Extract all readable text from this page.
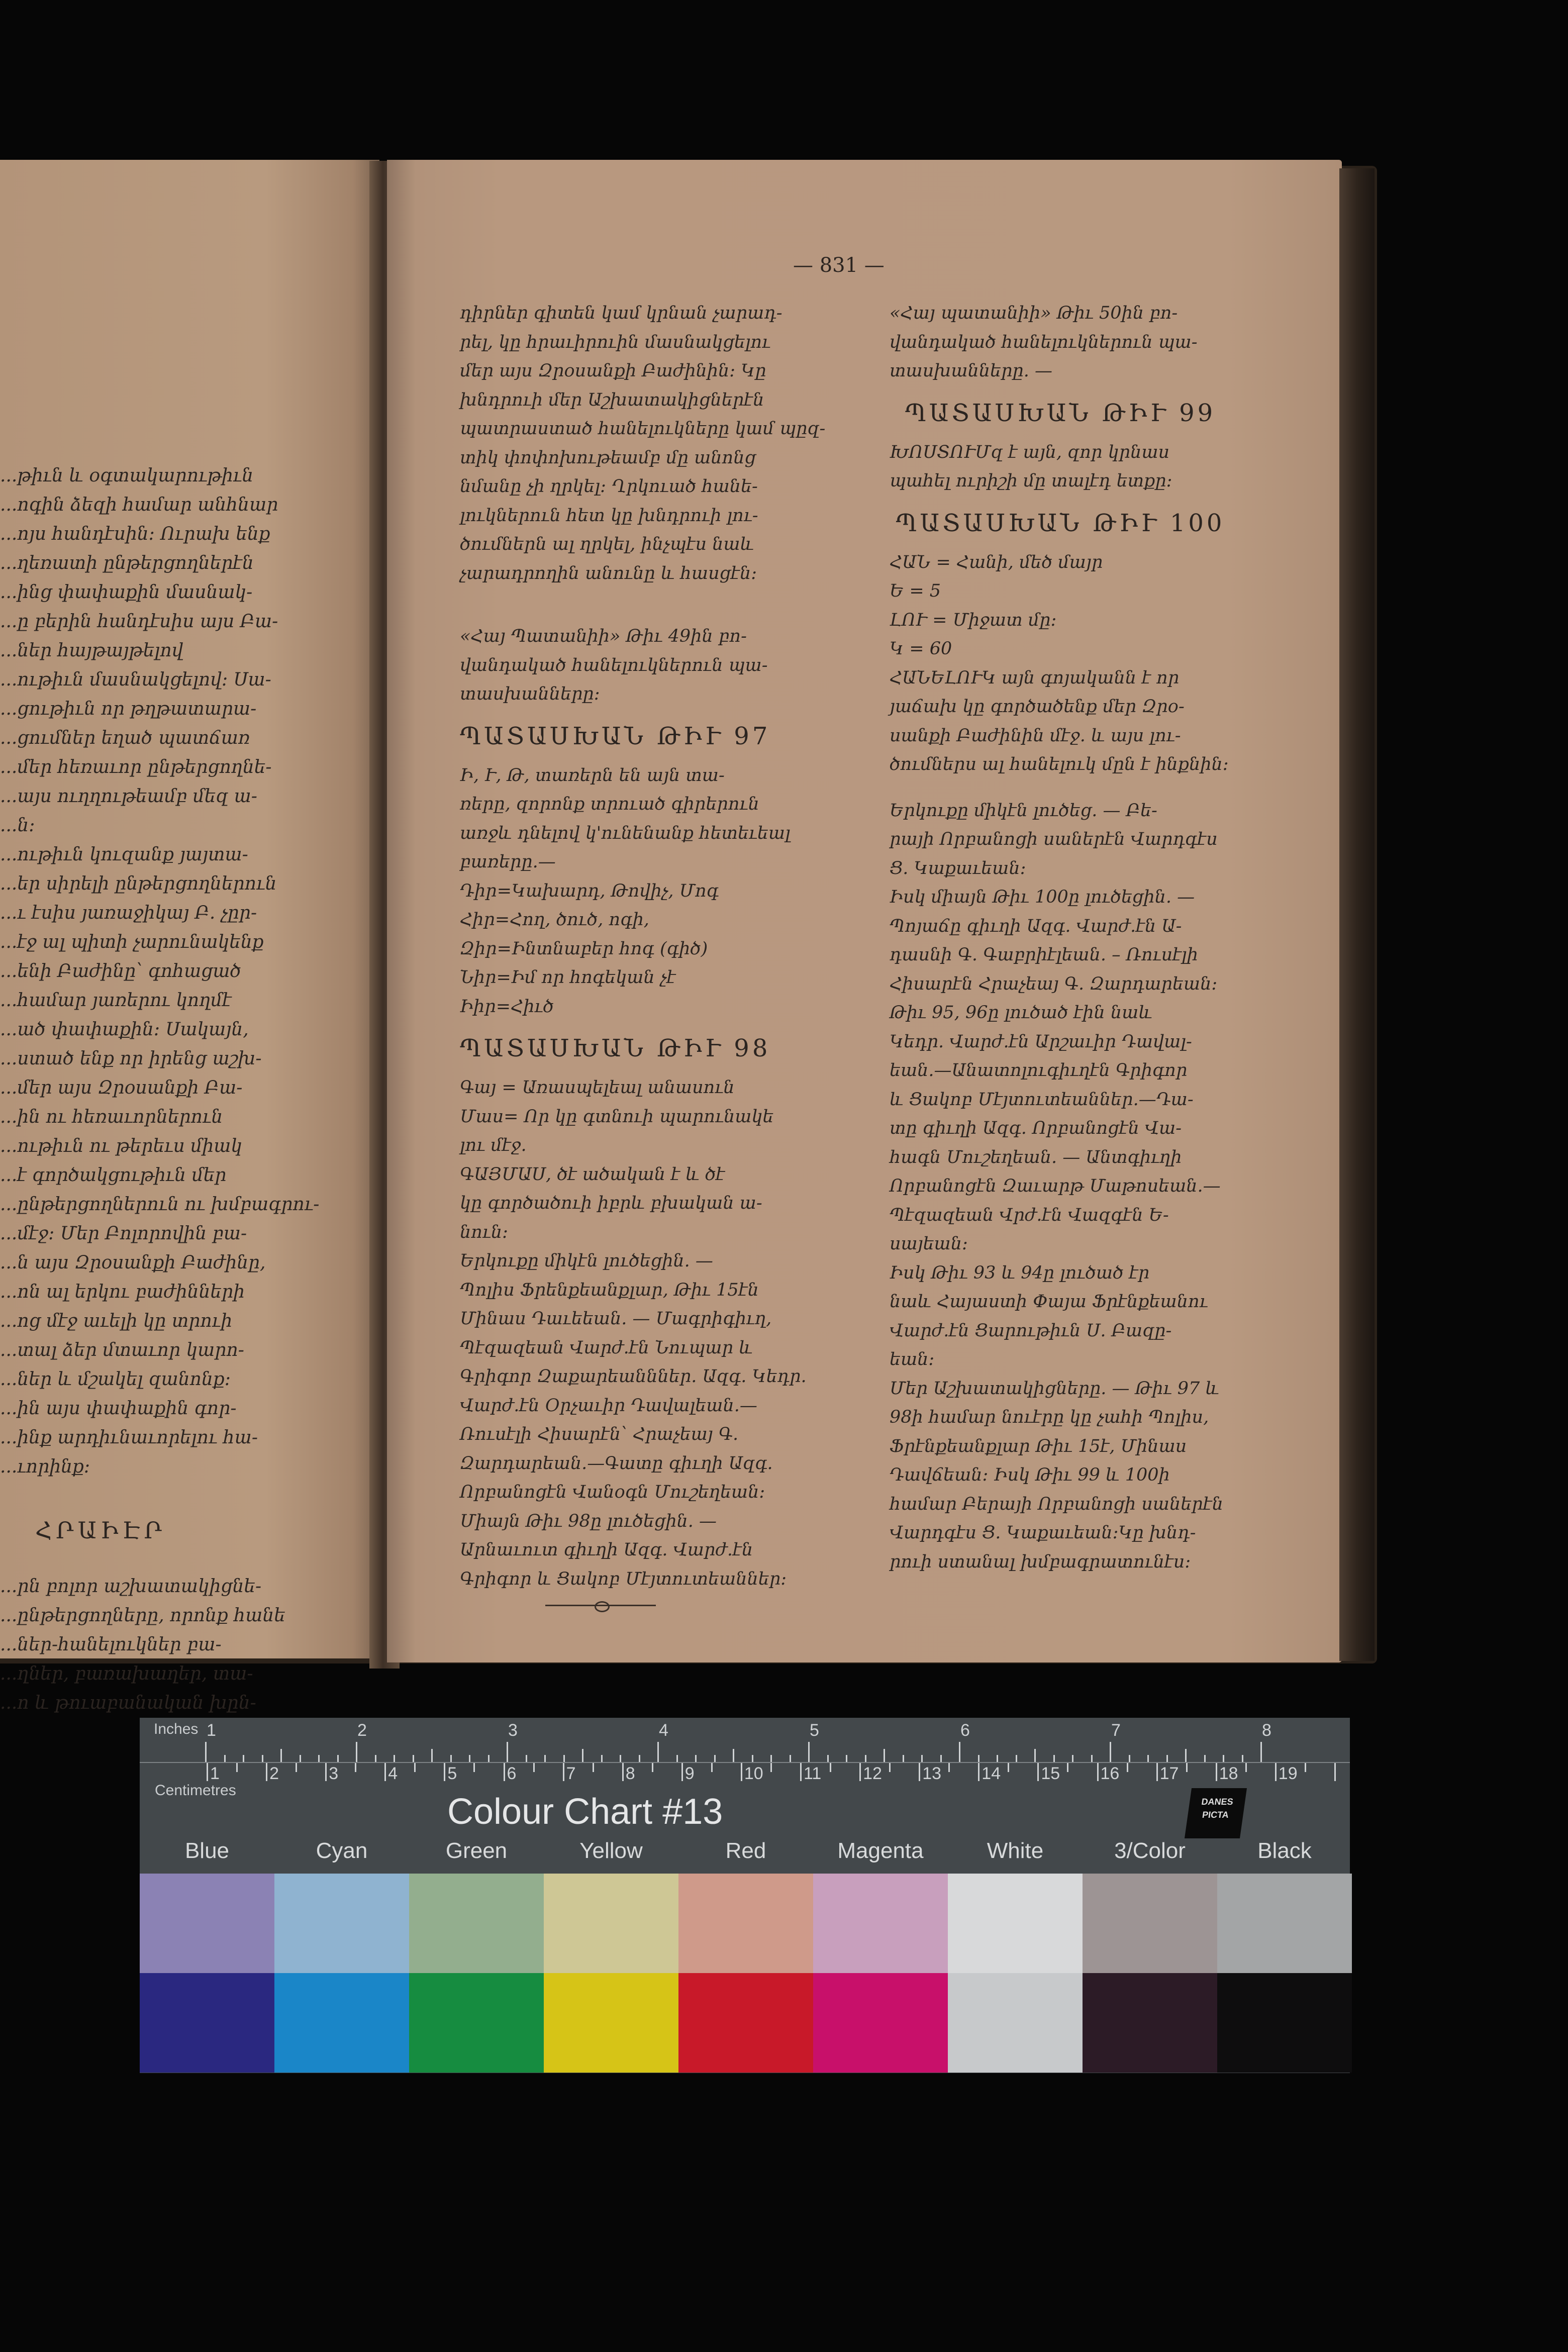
...թիւն և օգտակարութիւն
...ոգին ձեզի համար անհնար
...ոյս հանդէսին։ Ուրախ ենք
...ղեռատի ընթերցողներէն
...ինց փափաքին մասնակ-
...ը բերին հանդէսիս այս Բա-
...ներ հայթայթելով
...ութիւն մասնակցելով։ Սա-
...ցութիւն որ թղթատարա-
...ցումներ եղած պատճառ
...մեր հեռաւոր ընթերցողնե-
...այս ուղղութեամբ մեզ ա-
...ն։
...ութիւն կուզանք յայտա-
...եր սիրելի ընթերցողներուն
...ւ էսիս յառաջիկայ Բ. չըր-
...էջ ալ պիտի չարունակենք
...ենի Բաժինը՝ գոհացած
...համար յառերու կողմէ
...ած փափաքին։ Սակայն,
...ստած ենք որ իրենց աշխ-
...մեր այս Զրօսանքի Բա-
...ին ու հեռաւորներուն
...ութիւն ու թերեւս միակ
...է գործակցութիւն մեր
...ընթերցողներուն ու խմբագրու-
...մէջ։ Մեր Բոլորովին բա-
...ն այս Զրօսանքի Բաժինը,
...ոն ալ երկու բաժինների
...ոց մէջ աւելի կը տրուի
...տալ ձեր մտաւոր կարո-
...ներ և մշակել զանոնք։
...ին այս փափաքին գոր-
...ինք արդիւնաւորելու հա-
...ւորինք։
ՀՐԱԻԷՐ
...րն բոլոր աշխատակիցնե-
...ընթերցողները, որոնք հանե
...ներ-հանելուկներ բա-
...ղներ, բառախաղեր, տա-
...ո և թուաբանական խըն-
— 831 —
դիրներ գիտեն կամ կրնան չարադ-
րել, կը հրաւիրուին մասնակցելու
մեր այս Զրօսանքի Բաժինին։ Կը
խնդրուի մեր Աշխատակիցներէն
պատրաստած հանելուկները կամ պըզ-
տիկ փոփոխութեամբ մը անոնց
նմանը չի ղրկել։ Ղրկուած հանե-
լուկներուն հետ կը խնդրուի լու-
ծումներն ալ ղրկել, ինչպէս նաև
չարադրողին անունը և հասցէն։
«Հայ Պատանիի» Թիւ 49ին բո-
վանդակած հանելուկներուն պա-
տասխանները։
ՊԱՏԱՍԽԱՆ ԹԻՒ 97
Ի, Ւ, Թ, տառերն են այն տա-
ռերը, զորոնք տրուած գիրերուն
առջև դնելով կ'ունենանք հետեւեալ
բառերը.—
Դիր=Կախարդ, Թովիչ, Մոգ
Հիր=Հող, ծուծ, ոգի,
Զիր=Ինտնաբեր հոգ (գիծ)
Նիր=Իմ որ հոգեկան չէ
Իիր=Հիւծ
ՊԱՏԱՍԽԱՆ ԹԻՒ 98
Գայ = Առասպելեալ անասուն
Մաս= Որ կը գտնուի պարունակե
լու մէջ.
ԳԱՅՄԱՍ, ծէ ածական է և ծէ
կը գործածուի իբրև բխական ա-
նուն։
Երկուքը միկէն լուծեցին. —
Պոլիս Ֆրենքեանքլար, Թիւ 15էն
Մինաս Դաւեեան. — Մագրիգիւղ,
Պէզազեան Վարժ.էն Նուպար և
Գրիգոր Զաքարեանններ. Ազգ. Կեդր.
Վարժ.էն Օրչաւիր Դավալեան.—
Ռուսէլի Հիսարէն՝ Հրաչեայ Գ.
Զարդարեան.—Գատը գիւղի Ազգ.
Որբանոցէն Վանօգն Մուշեղեան։
Միայն Թիւ 98ը լուծեցին. —
Արնաւուտ գիւղի Ազգ. Վարժ.էն
Գրիգոր և Ցակոբ Մէյտուտեաններ։
«Հայ պատանիի» Թիւ 50ին բո-
վանդակած հանելուկներուն պա-
տասխանները. —
ՊԱՏԱՍԽԱՆ ԹԻՒ 99
ԽՈՍՏՈՒՄզ է այն, զոր կրնաս
պահել ուրիշի մը տալէդ ետքը։
ՊԱՏԱՍԽԱՆ ԹԻՒ 100
ՀԱՆ = Հանի, մեծ մայր
Ե = 5
ԼՈՒ = Միջատ մը։
Կ = 60
ՀԱՆԵԼՈՒԿ այն գոյականն է որ
յաճախ կը գործածենք մեր Զրօ-
սանքի Բաժինին մէջ. և այս լու-
ծումներս ալ հանելուկ մըն է ինքնին։
Երկուքը միկէն լուծեց. — Բե-
րայի Որբանոցի սաներէն Վարդգէս
Ց. Կաքաւեան։
Իսկ միայն Թիւ 100ը լուծեցին. —
Պոյաճը գիւղի Ազգ. Վարժ.էն Ա-
դասնի Գ. Գաբրիէլեան. – Ռուսէլի
Հիսարէն Հրաչեայ Գ. Զարդարեան։
Թիւ 95, 96ը լուծած էին նաև
Կեդր. Վարժ.էն Արշաւիր Դավալ-
եան.—Անատոլուգիւղէն Գրիգոր
և Ցակոբ Մէյտուտեաններ.—Դա-
տը գիւղի Ազգ. Որբանոցէն Վա-
հագն Մուշեղեան. — Անտգիւղի
Որբանոցէն Զաւարթ Մաթոսեան.—
Պէզազեան Վրժ.էն Վազգէն Ե-
սայեան։
Իսկ Թիւ 93 և 94ը լուծած էր
նաև Հայաստի Փայա Ֆրէնքեանու
Վարժ.էն Ցարութիւն Ս. Բազը-
եան։
Մեր Աշխատակիցները. — Թիւ 97 և
98ի համար նուէրը կը չահի Պոլիս,
Ֆրէնքեանքլար Թիւ 15է, Մինաս
Դավճեան։ Իսկ Թիւ 99 և 100ի
համար Բերայի Որբանոցի սաներէն
Վարդգէս Ց. Կաքաւեան։Կը խնդ-
րուի ստանալ խմբագրատունէս։
Inches 1	2	3	4	5	6	7	8
Centimetres
Colour Chart #13	DANES PICTA
Blue	Cyan	Green	Yellow	Red	Magenta	White	3/Color	Black
1	2	3	4	5	6	7	8	9	10 11 12 13 14 15 16 17 18 19
